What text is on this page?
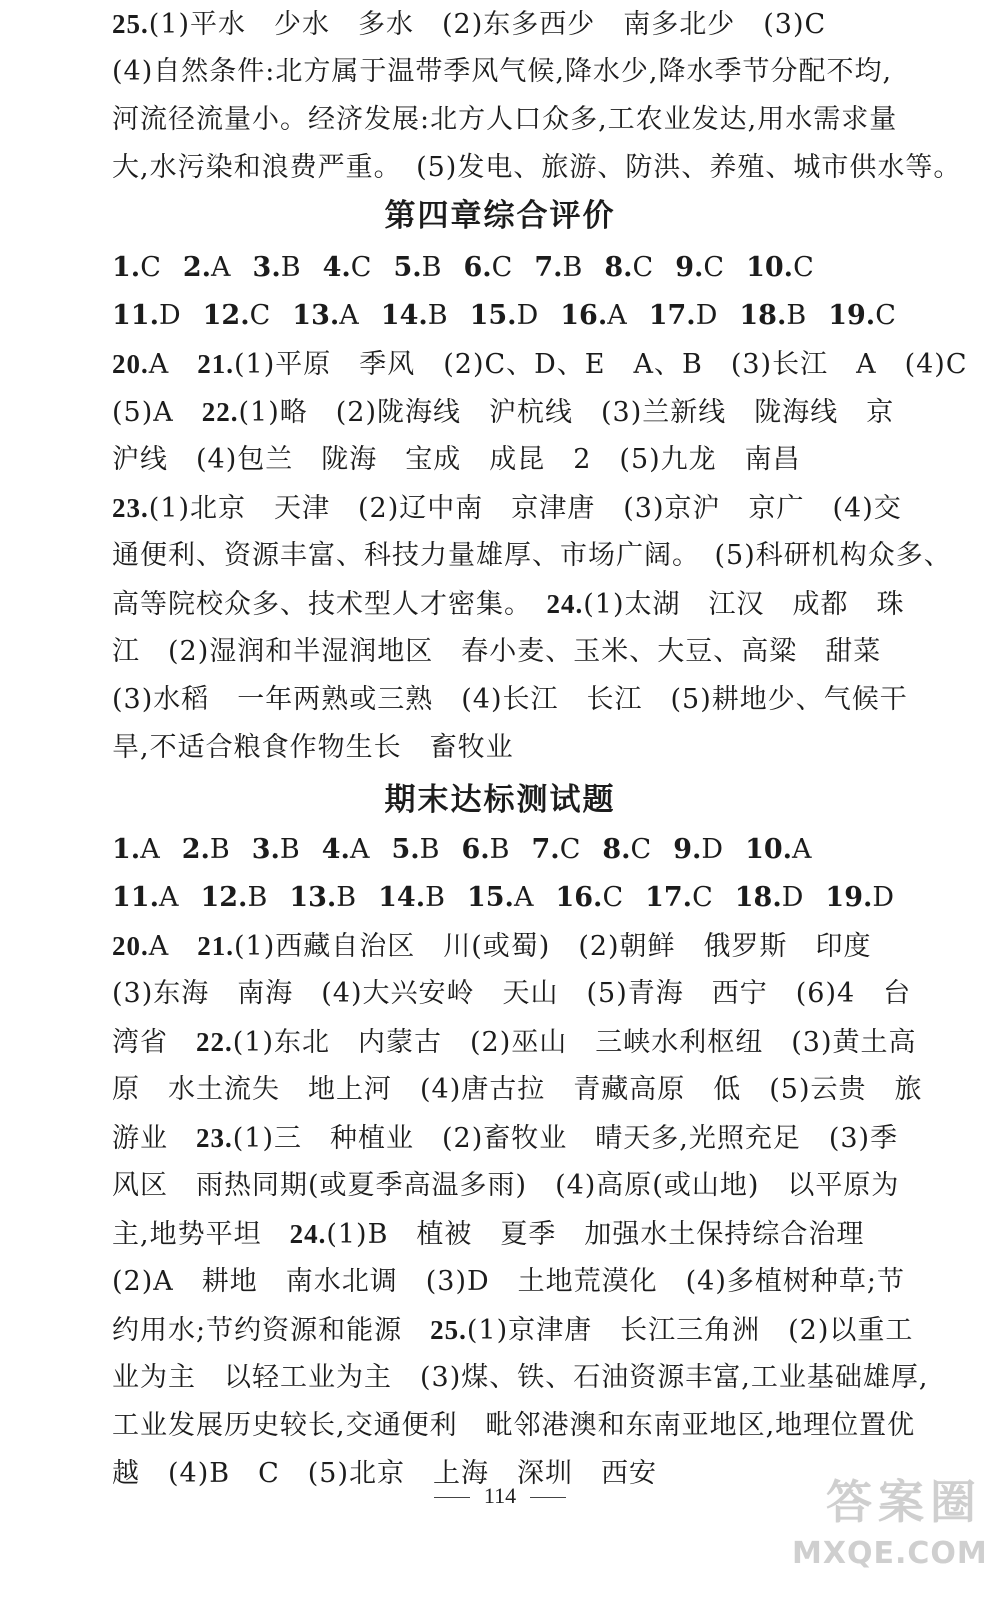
25.(1)平水　少水　多水　(2)东多西少　南多北少　(3)C
(4)自然条件:北方属于温带季风气候,降水少,降水季节分配不均,
河流径流量小。经济发展:北方人口众多,工农业发达,用水需求量
大,水污染和浪费严重。　(5)发电、旅游、防洪、养殖、城市供水等。
第四章综合评价
1.C 2.A 3.B 4.C 5.B 6.C 7.B 8.C 9.C 10.C
11.D 12.C 13.A 14.B 15.D 16.A 17.D 18.B 19.C
20.A　21.(1)平原　季风　(2)C、D、E　A、B　(3)长江　A　(4)C
(5)A　22.(1)略　(2)陇海线　沪杭线　(3)兰新线　陇海线　京
沪线　(4)包兰　陇海　宝成　成昆　2　(5)九龙　南昌
23.(1)北京　天津　(2)辽中南　京津唐　(3)京沪　京广　(4)交
通便利、资源丰富、科技力量雄厚、市场广阔。　(5)科研机构众多、
高等院校众多、技术型人才密集。　24.(1)太湖　江汉　成都　珠
江　(2)湿润和半湿润地区　春小麦、玉米、大豆、高粱　甜菜
(3)水稻　一年两熟或三熟　(4)长江　长江　(5)耕地少、气候干
旱,不适合粮食作物生长　畜牧业
期末达标测试题
1.A 2.B 3.B 4.A 5.B 6.B 7.C 8.C 9.D 10.A
11.A 12.B 13.B 14.B 15.A 16.C 17.C 18.D 19.D
20.A　21.(1)西藏自治区　川(或蜀)　(2)朝鲜　俄罗斯　印度
(3)东海　南海　(4)大兴安岭　天山　(5)青海　西宁　(6)4　台
湾省　22.(1)东北　内蒙古　(2)巫山　三峡水利枢纽　(3)黄土高
原　水土流失　地上河　(4)唐古拉　青藏高原　低　(5)云贵　旅
游业　23.(1)三　种植业　(2)畜牧业　晴天多,光照充足　(3)季
风区　雨热同期(或夏季高温多雨)　(4)高原(或山地)　以平原为
主,地势平坦　24.(1)B　植被　夏季　加强水土保持综合治理
(2)A　耕地　南水北调　(3)D　土地荒漠化　(4)多植树种草;节
约用水;节约资源和能源　25.(1)京津唐　长江三角洲　(2)以重工
业为主　以轻工业为主　(3)煤、铁、石油资源丰富,工业基础雄厚,
工业发展历史较长,交通便利　毗邻港澳和东南亚地区,地理位置优
越　(4)B　C　(5)北京　上海　深圳　西安
114	答案圈
MXQE.COM
